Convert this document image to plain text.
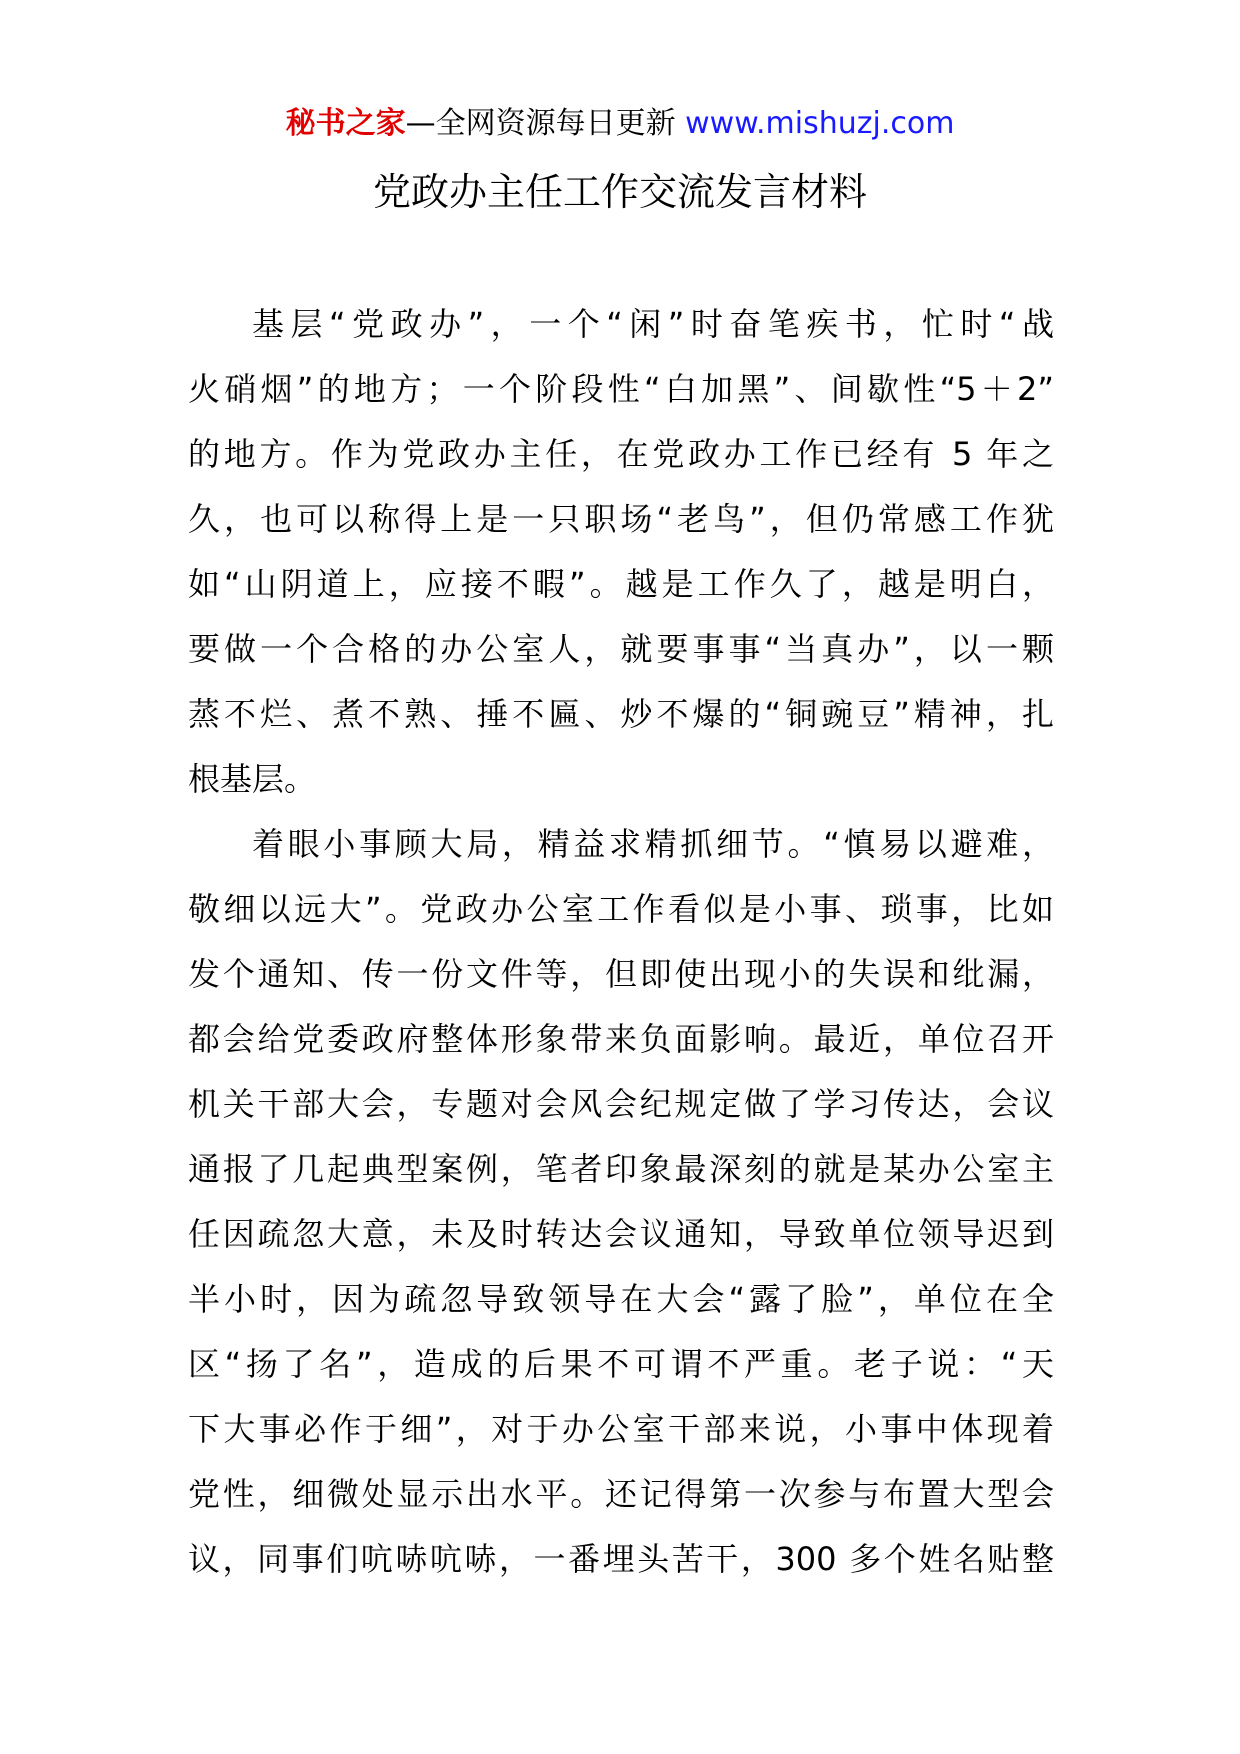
秘书之家—全网资源每日更新 www.mishuzj.com
党政办主任工作交流发言材料
基层“党政办”，一个“闲”时奋笔疾书，忙时“战
火硝烟”的地方；一个阶段性“白加黑”、间歇性“5＋2”
的地方。作为党政办主任，在党政办工作已经有 5 年之
久，也可以称得上是一只职场“老鸟”，但仍常感工作犹
如“山阴道上，应接不暇”。越是工作久了，越是明白，
要做一个合格的办公室人，就要事事“当真办”，以一颗
蒸不烂、煮不熟、捶不匾、炒不爆的“铜豌豆”精神，扎
根基层。
着眼小事顾大局，精益求精抓细节。“慎易以避难，
敬细以远大”。党政办公室工作看似是小事、琐事，比如
发个通知、传一份文件等，但即使出现小的失误和纰漏，
都会给党委政府整体形象带来负面影响。最近，单位召开
机关干部大会，专题对会风会纪规定做了学习传达，会议
通报了几起典型案例，笔者印象最深刻的就是某办公室主
任因疏忽大意，未及时转达会议通知，导致单位领导迟到
半小时，因为疏忽导致领导在大会“露了脸”，单位在全
区“扬了名”，造成的后果不可谓不严重。老子说：“天
下大事必作于细”，对于办公室干部来说，小事中体现着
党性，细微处显示出水平。还记得第一次参与布置大型会
议，同事们吭哧吭哧，一番埋头苦干，300 多个姓名贴整
